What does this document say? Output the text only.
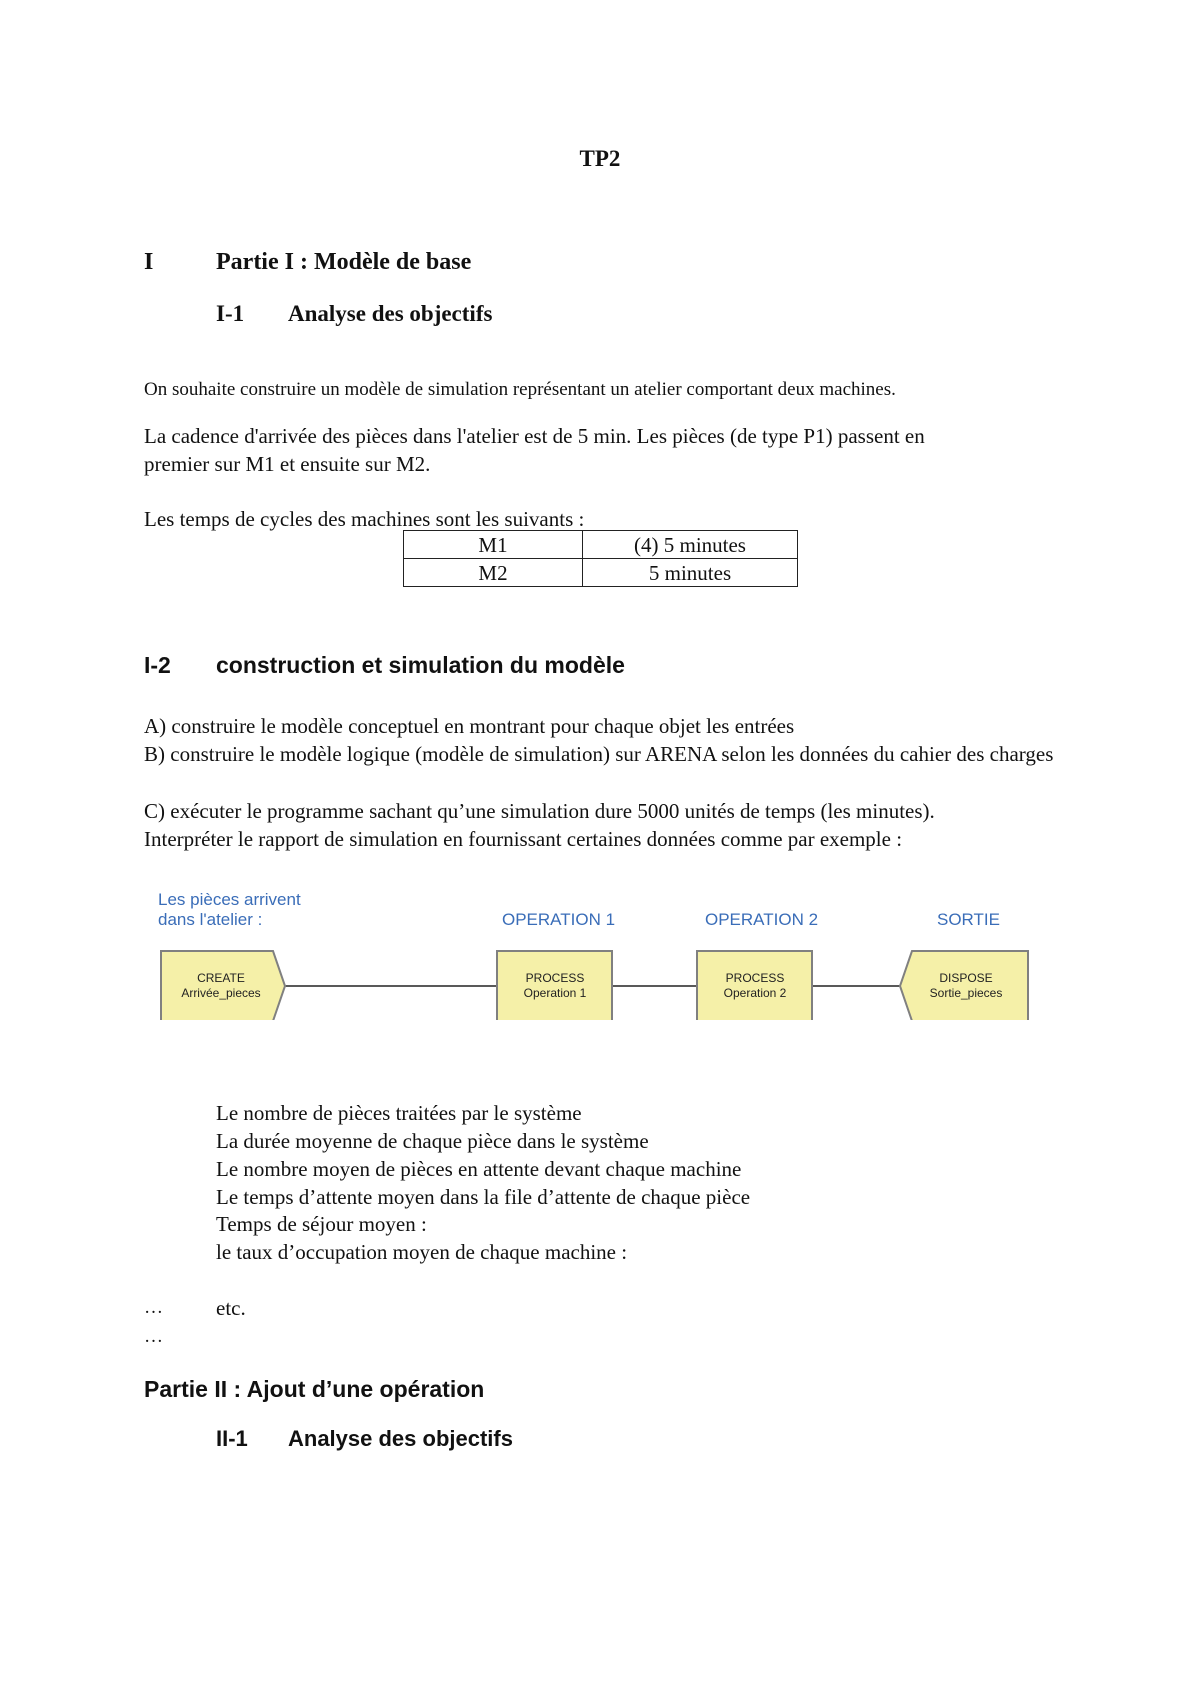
TP2
I	Partie I : Modèle de base
I-1 Analyse des objectifs
On souhaite construire un modèle de simulation représentant un atelier comportant deux machines.
La cadence d'arrivée des pièces dans l'atelier est de 5 min. Les pièces (de type P1) passent en
premier sur M1 et ensuite sur M2.
Les temps de cycles des machines sont les suivants :
M1	(4) 5 minutes
M2	5 minutes
I-2 construction et simulation du modèle
A) construire le modèle conceptuel en montrant pour chaque objet les entrées
B) construire le modèle logique (modèle de simulation) sur ARENA selon les données du cahier des charges
C) exécuter le programme sachant qu’une simulation dure 5000 unités de temps (les minutes).
Interpréter le rapport de simulation en fournissant certaines données comme par exemple :
Les pièces arrivent
dans l'atelier :	OPERATION 1	OPERATION 2	SORTIE
CREATE
Arrivée_pieces
PROCESS
Operation 1
PROCESS
Operation 2
DISPOSE
Sortie_pieces
Le nombre de pièces traitées par le système
La durée moyenne de chaque pièce dans le système
Le nombre moyen de pièces en attente devant chaque machine
Le temps d’attente moyen dans la file d’attente de chaque pièce
Temps de séjour moyen :
le taux d’occupation moyen de chaque machine :
…	etc.
…
Partie II : Ajout d’une opération
II-1 Analyse des objectifs
